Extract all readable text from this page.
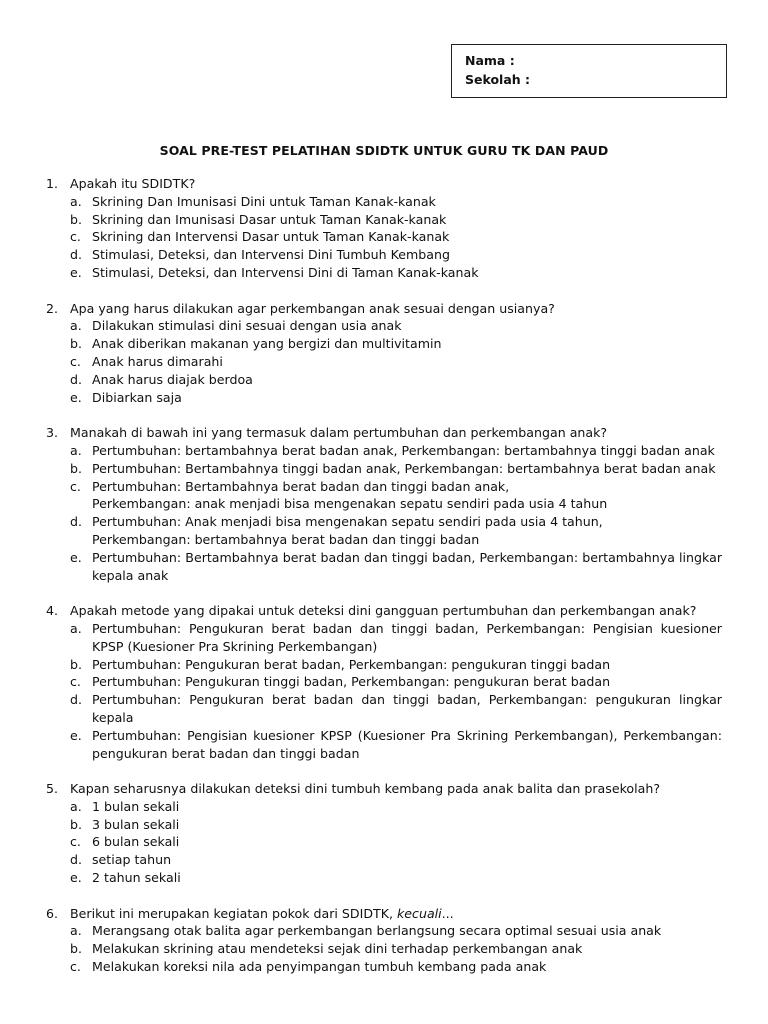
Nama :
Sekolah :
SOAL PRE-TEST PELATIHAN SDIDTK UNTUK GURU TK DAN PAUD
1. Apakah itu SDIDTK?
a. Skrining Dan Imunisasi Dini untuk Taman Kanak-kanak
b. Skrining dan Imunisasi Dasar untuk Taman Kanak-kanak
c. Skrining dan Intervensi Dasar untuk Taman Kanak-kanak
d. Stimulasi, Deteksi, dan Intervensi Dini Tumbuh Kembang
e. Stimulasi, Deteksi, dan Intervensi Dini di Taman Kanak-kanak
2. Apa yang harus dilakukan agar perkembangan anak sesuai dengan usianya?
a. Dilakukan stimulasi dini sesuai dengan usia anak
b. Anak diberikan makanan yang bergizi dan multivitamin
c. Anak harus dimarahi
d. Anak harus diajak berdoa
e. Dibiarkan saja
3. Manakah di bawah ini yang termasuk dalam pertumbuhan dan perkembangan anak?
a. Pertumbuhan: bertambahnya berat badan anak, Perkembangan: bertambahnya tinggi badan anak
b. Pertumbuhan: Bertambahnya tinggi badan anak, Perkembangan: bertambahnya berat badan anak
c. Pertumbuhan: Bertambahnya berat badan dan tinggi badan anak,
Perkembangan: anak menjadi bisa mengenakan sepatu sendiri pada usia 4 tahun
d. Pertumbuhan: Anak menjadi bisa mengenakan sepatu sendiri pada usia 4 tahun,
Perkembangan: bertambahnya berat badan dan tinggi badan
e. Pertumbuhan: Bertambahnya berat badan dan tinggi badan, Perkembangan: bertambahnya lingkar kepala anak
4. Apakah metode yang dipakai untuk deteksi dini gangguan pertumbuhan dan perkembangan anak?
a. Pertumbuhan: Pengukuran berat badan dan tinggi badan, Perkembangan: Pengisian kuesioner KPSP (Kuesioner Pra Skrining Perkembangan)
b. Pertumbuhan: Pengukuran berat badan, Perkembangan: pengukuran tinggi badan
c. Pertumbuhan: Pengukuran tinggi badan, Perkembangan: pengukuran berat badan
d. Pertumbuhan: Pengukuran berat badan dan tinggi badan, Perkembangan: pengukuran lingkar kepala
e. Pertumbuhan: Pengisian kuesioner KPSP (Kuesioner Pra Skrining Perkembangan), Perkembangan: pengukuran berat badan dan tinggi badan
5. Kapan seharusnya dilakukan deteksi dini tumbuh kembang pada anak balita dan prasekolah?
a. 1 bulan sekali
b. 3 bulan sekali
c. 6 bulan sekali
d. setiap tahun
e. 2 tahun sekali
6. Berikut ini merupakan kegiatan pokok dari SDIDTK, kecuali...
a. Merangsang otak balita agar perkembangan berlangsung secara optimal sesuai usia anak
b. Melakukan skrining atau mendeteksi sejak dini terhadap perkembangan anak
c. Melakukan koreksi nila ada penyimpangan tumbuh kembang pada anak
